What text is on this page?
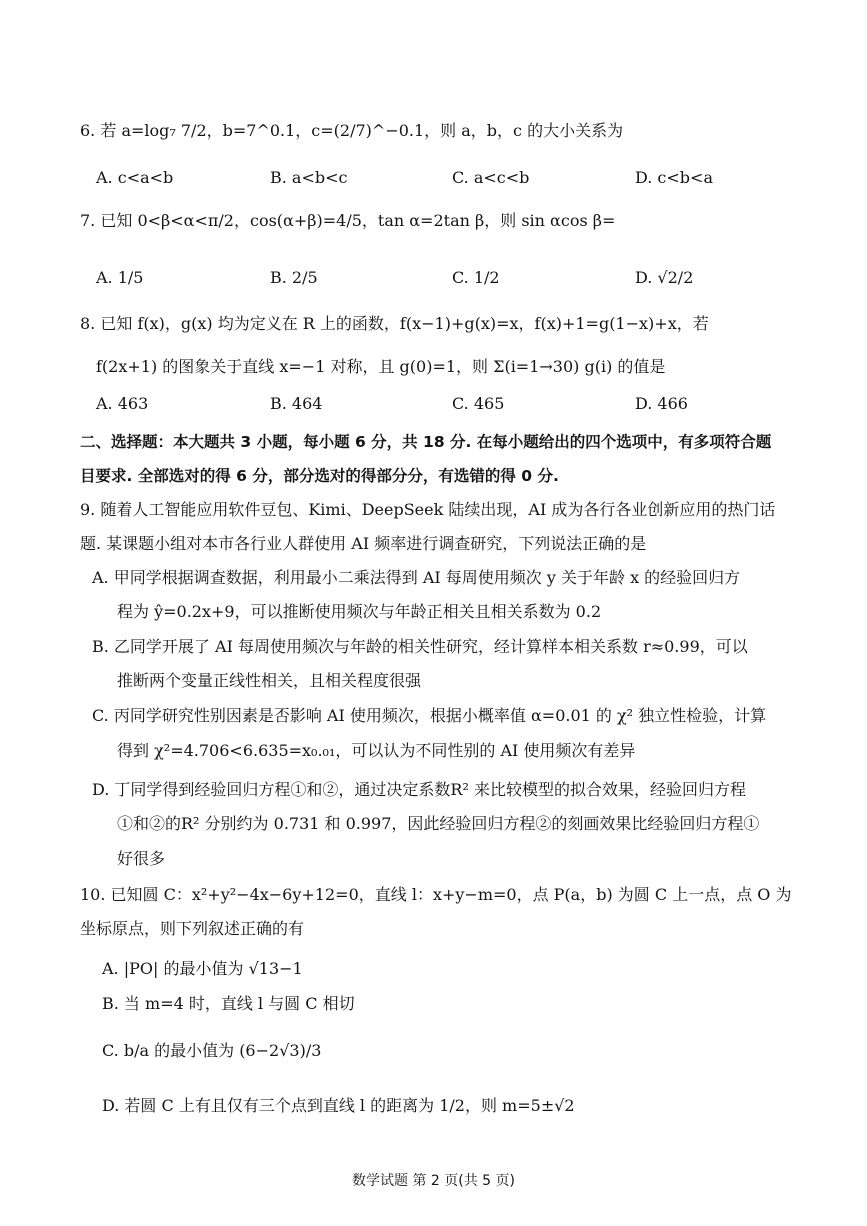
6. 若 a=log₇ 7/2，b=7^0.1，c=(2/7)^−0.1，则 a，b，c 的大小关系为
A. c<a<b	B. a<b<c	C. a<c<b	D. c<b<a
7. 已知 0<β<α<π/2，cos(α+β)=4/5，tan α=2tan β，则 sin αcos β=
A. 1/5	B. 2/5	C. 1/2	D. √2/2
8. 已知 f(x)，g(x) 均为定义在 R 上的函数，f(x−1)+g(x)=x，f(x)+1=g(1−x)+x，若
f(2x+1) 的图象关于直线 x=−1 对称，且 g(0)=1，则 Σ(i=1→30) g(i) 的值是
A. 463	B. 464	C. 465	D. 466
二、选择题：本大题共 3 小题，每小题 6 分，共 18 分. 在每小题给出的四个选项中，有多项符合题
目要求. 全部选对的得 6 分，部分选对的得部分分，有选错的得 0 分.
9. 随着人工智能应用软件豆包、Kimi、DeepSeek 陆续出现，AI 成为各行各业创新应用的热门话
题. 某课题小组对本市各行业人群使用 AI 频率进行调查研究，下列说法正确的是
A. 甲同学根据调查数据，利用最小二乘法得到 AI 每周使用频次 y 关于年龄 x 的经验回归方
程为 ŷ=0.2x+9，可以推断使用频次与年龄正相关且相关系数为 0.2
B. 乙同学开展了 AI 每周使用频次与年龄的相关性研究，经计算样本相关系数 r≈0.99，可以
推断两个变量正线性相关，且相关程度很强
C. 丙同学研究性别因素是否影响 AI 使用频次，根据小概率值 α=0.01 的 χ² 独立性检验，计算
得到 χ²=4.706<6.635=x₀.₀₁，可以认为不同性别的 AI 使用频次有差异
D. 丁同学得到经验回归方程①和②，通过决定系数R² 来比较模型的拟合效果，经验回归方程
①和②的R² 分别约为 0.731 和 0.997，因此经验回归方程②的刻画效果比经验回归方程①
好很多
10. 已知圆 C：x²+y²−4x−6y+12=0，直线 l：x+y−m=0，点 P(a，b) 为圆 C 上一点，点 O 为
坐标原点，则下列叙述正确的有
A. |PO| 的最小值为 √13−1
B. 当 m=4 时，直线 l 与圆 C 相切
C. b/a 的最小值为 (6−2√3)/3
D. 若圆 C 上有且仅有三个点到直线 l 的距离为 1/2，则 m=5±√2
数学试题 第 2 页(共 5 页)
